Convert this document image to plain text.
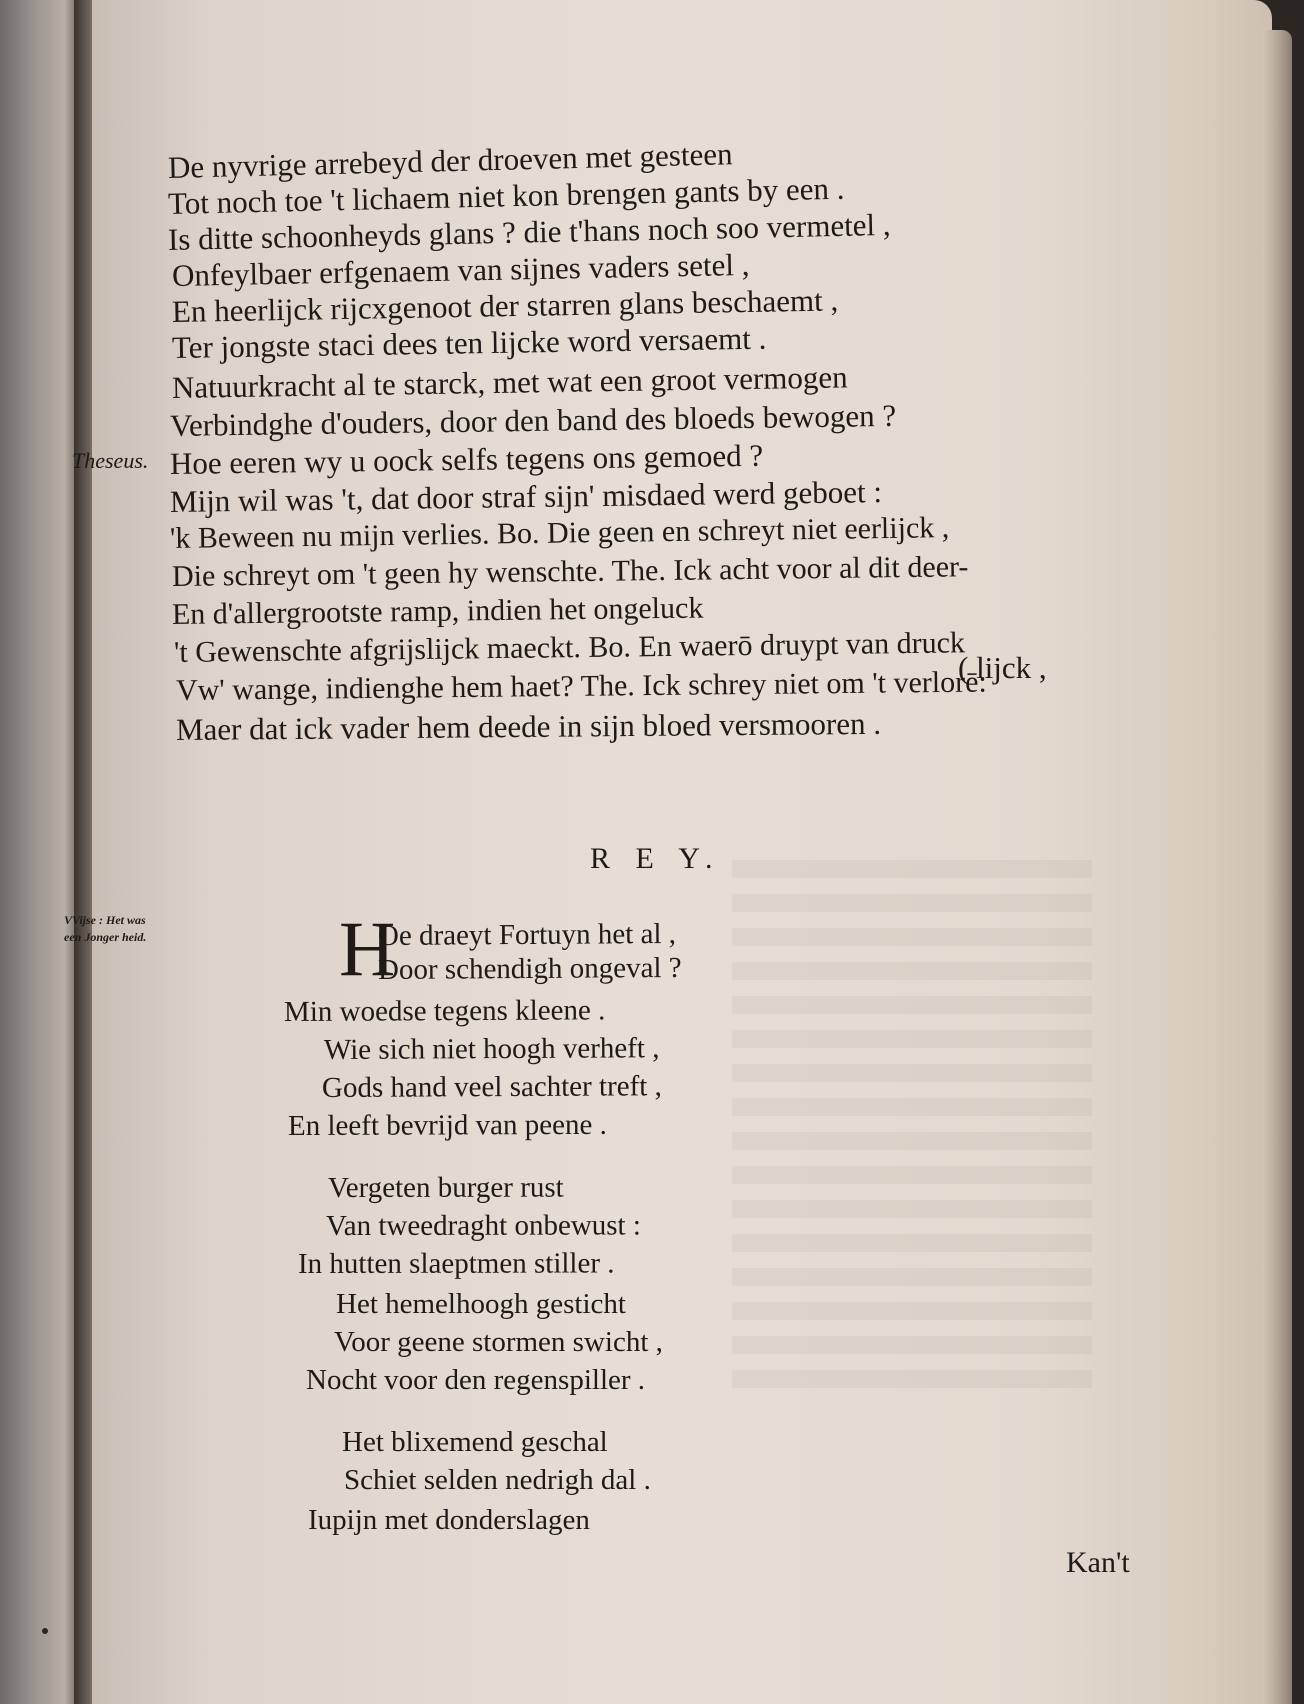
De nyvrige arrebeyd der droeven met gesteen
Tot noch toe 't lichaem niet kon brengen gants by een .
Is ditte schoonheyds glans ? die t'hans noch soo vermetel ,
Onfeylbaer erfgenaem van sijnes vaders setel ,
En heerlijck rijcxgenoot der starren glans beschaemt ,
Ter jongste staci dees ten lijcke word versaemt .
Natuurkracht al te starck, met wat een groot vermogen
Verbindghe d'ouders, door den band des bloeds bewogen ?
Hoe eeren wy u oock selfs tegens ons gemoed ?
Mijn wil was 't, dat door straf sijn' misdaed werd geboet :
'k Beween nu mijn verlies. Bo. Die geen en schreyt niet eerlijck ,
Die schreyt om 't geen hy wenschte. The. Ick acht voor al dit deer-
En d'allergrootste ramp, indien het ongeluck
't Gewenschte afgrijslijck maeckt. Bo. En waerō druypt van druck
Vw' wange, indienghe hem haet? The. Ick schrey niet om 't verlorē:
Maer dat ick vader hem deede in sijn bloed versmooren .
( lijck ,
Theseus.
R E Y.
VVijse : Het was een Jonger heid. H
Oe draeyt Fortuyn het al ,
Door schendigh ongeval ?
Min woedse tegens kleene .
Wie sich niet hoogh verheft ,
Gods hand veel sachter treft ,
En leeft bevrijd van peene .
Vergeten burger rust
Van tweedraght onbewust :
In hutten slaeptmen stiller .
Het hemelhoogh gesticht
Voor geene stormen swicht ,
Nocht voor den regenspiller .
Het blixemend geschal
Schiet selden nedrigh dal .
Iupijn met donderslagen
Kan't
